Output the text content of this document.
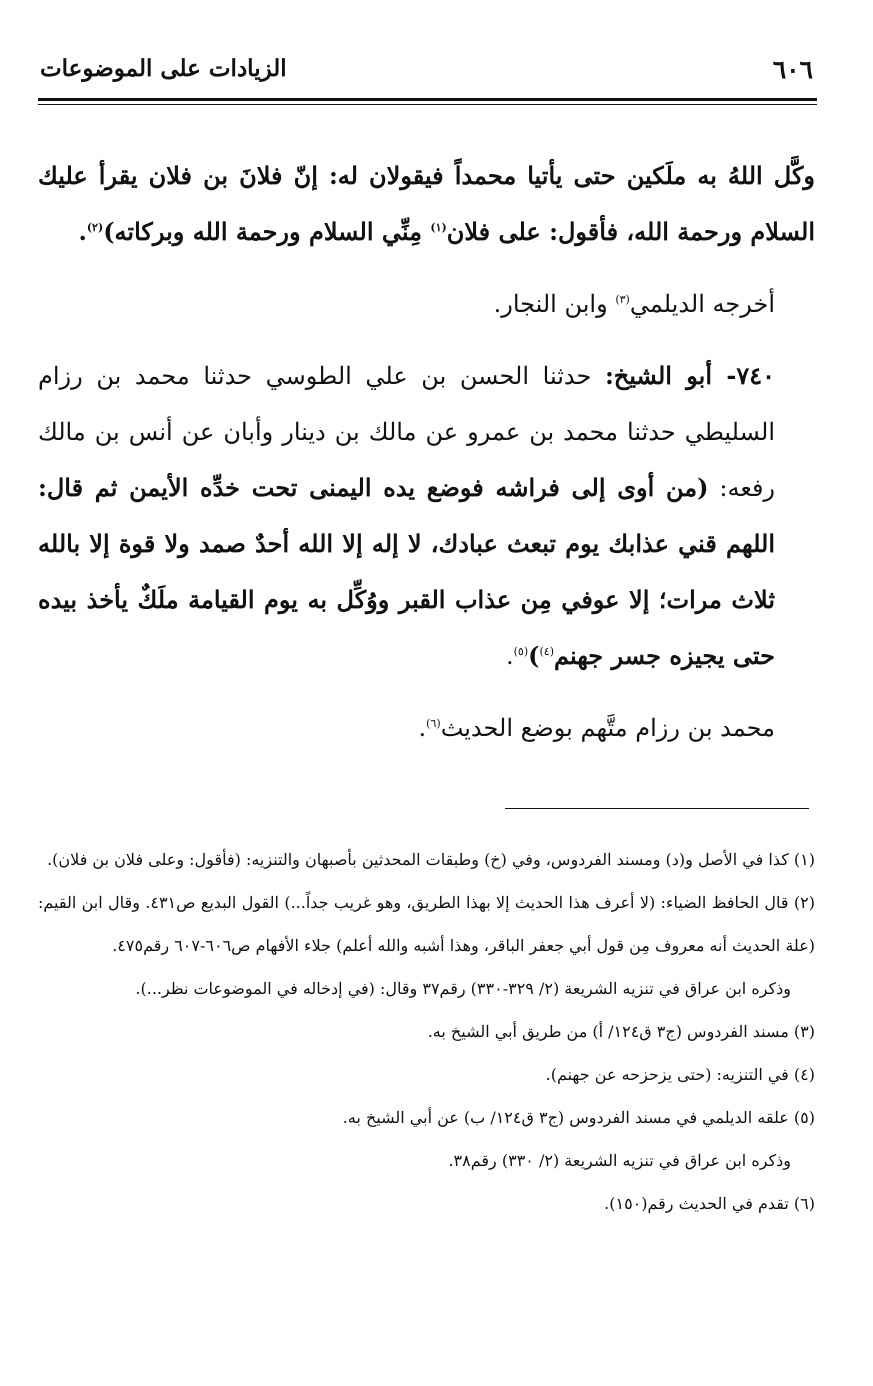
٦٠٦
الزيادات على الموضوعات

وكَّل اللهُ به ملَكين حتى يأتيا محمداً فيقولان له: إنّ فلانَ بن فلان يقرأ عليك السلام ورحمة الله، فأقول: على فلان$^{(١)}$ مِنِّي السلام ورحمة الله وبركاته)$^{(٢)}$.

أخرجه الديلمي$^{(٣)}$ وابن النجار.

٧٤٠- أبو الشيخ: حدثنا الحسن بن علي الطوسي حدثنا محمد بن رزام السليطي حدثنا محمد بن عمرو عن مالك بن دينار وأبان عن أنس بن مالك رفعه: (من أوى إلى فراشه فوضع يده اليمنى تحت خدِّه الأيمن ثم قال: اللهم قني عذابك يوم تبعث عبادك، لا إله إلا الله أحدٌ صمد ولا قوة إلا بالله ثلاث مرات؛ إلا عوفي مِن عذاب القبر ووُكِّل به يوم القيامة ملَكٌ يأخذ بيده حتى يجيزه جسر جهنم$^{(٤)}$)$^{(٥)}$.

محمد بن رزام متَّهم بوضع الحديث$^{(٦)}$.

(١) كذا في الأصل و(د) ومسند الفردوس، وفي (خ) وطبقات المحدثين بأصبهان والتنزيه: (فأقول: وعلى فلان بن فلان).

(٢) قال الحافظ الضياء: (لا أعرف هذا الحديث إلا بهذا الطريق، وهو غريب جداً...) القول البديع ص٤٣١. وقال ابن القيم: (علة الحديث أنه معروف مِن قول أبي جعفر الباقر، وهذا أشبه والله أعلم) جلاء الأفهام ص٦٠٦-٦٠٧ رقم٤٧٥.

وذكره ابن عراق في تنزيه الشريعة (٢/ ٣٢٩-٣٣٠) رقم٣٧ وقال: (في إدخاله في الموضوعات نظر...).

(٣) مسند الفردوس (ج٣ ق١٢٤/ أ) من طريق أبي الشيخ به.

(٤) في التنزيه: (حتى يزحزحه عن جهنم).

(٥) علقه الديلمي في مسند الفردوس (ج٣ ق١٢٤/ ب) عن أبي الشيخ به.

وذكره ابن عراق في تنزيه الشريعة (٢/ ٣٣٠) رقم٣٨.

(٦) تقدم في الحديث رقم(١٥٠).
